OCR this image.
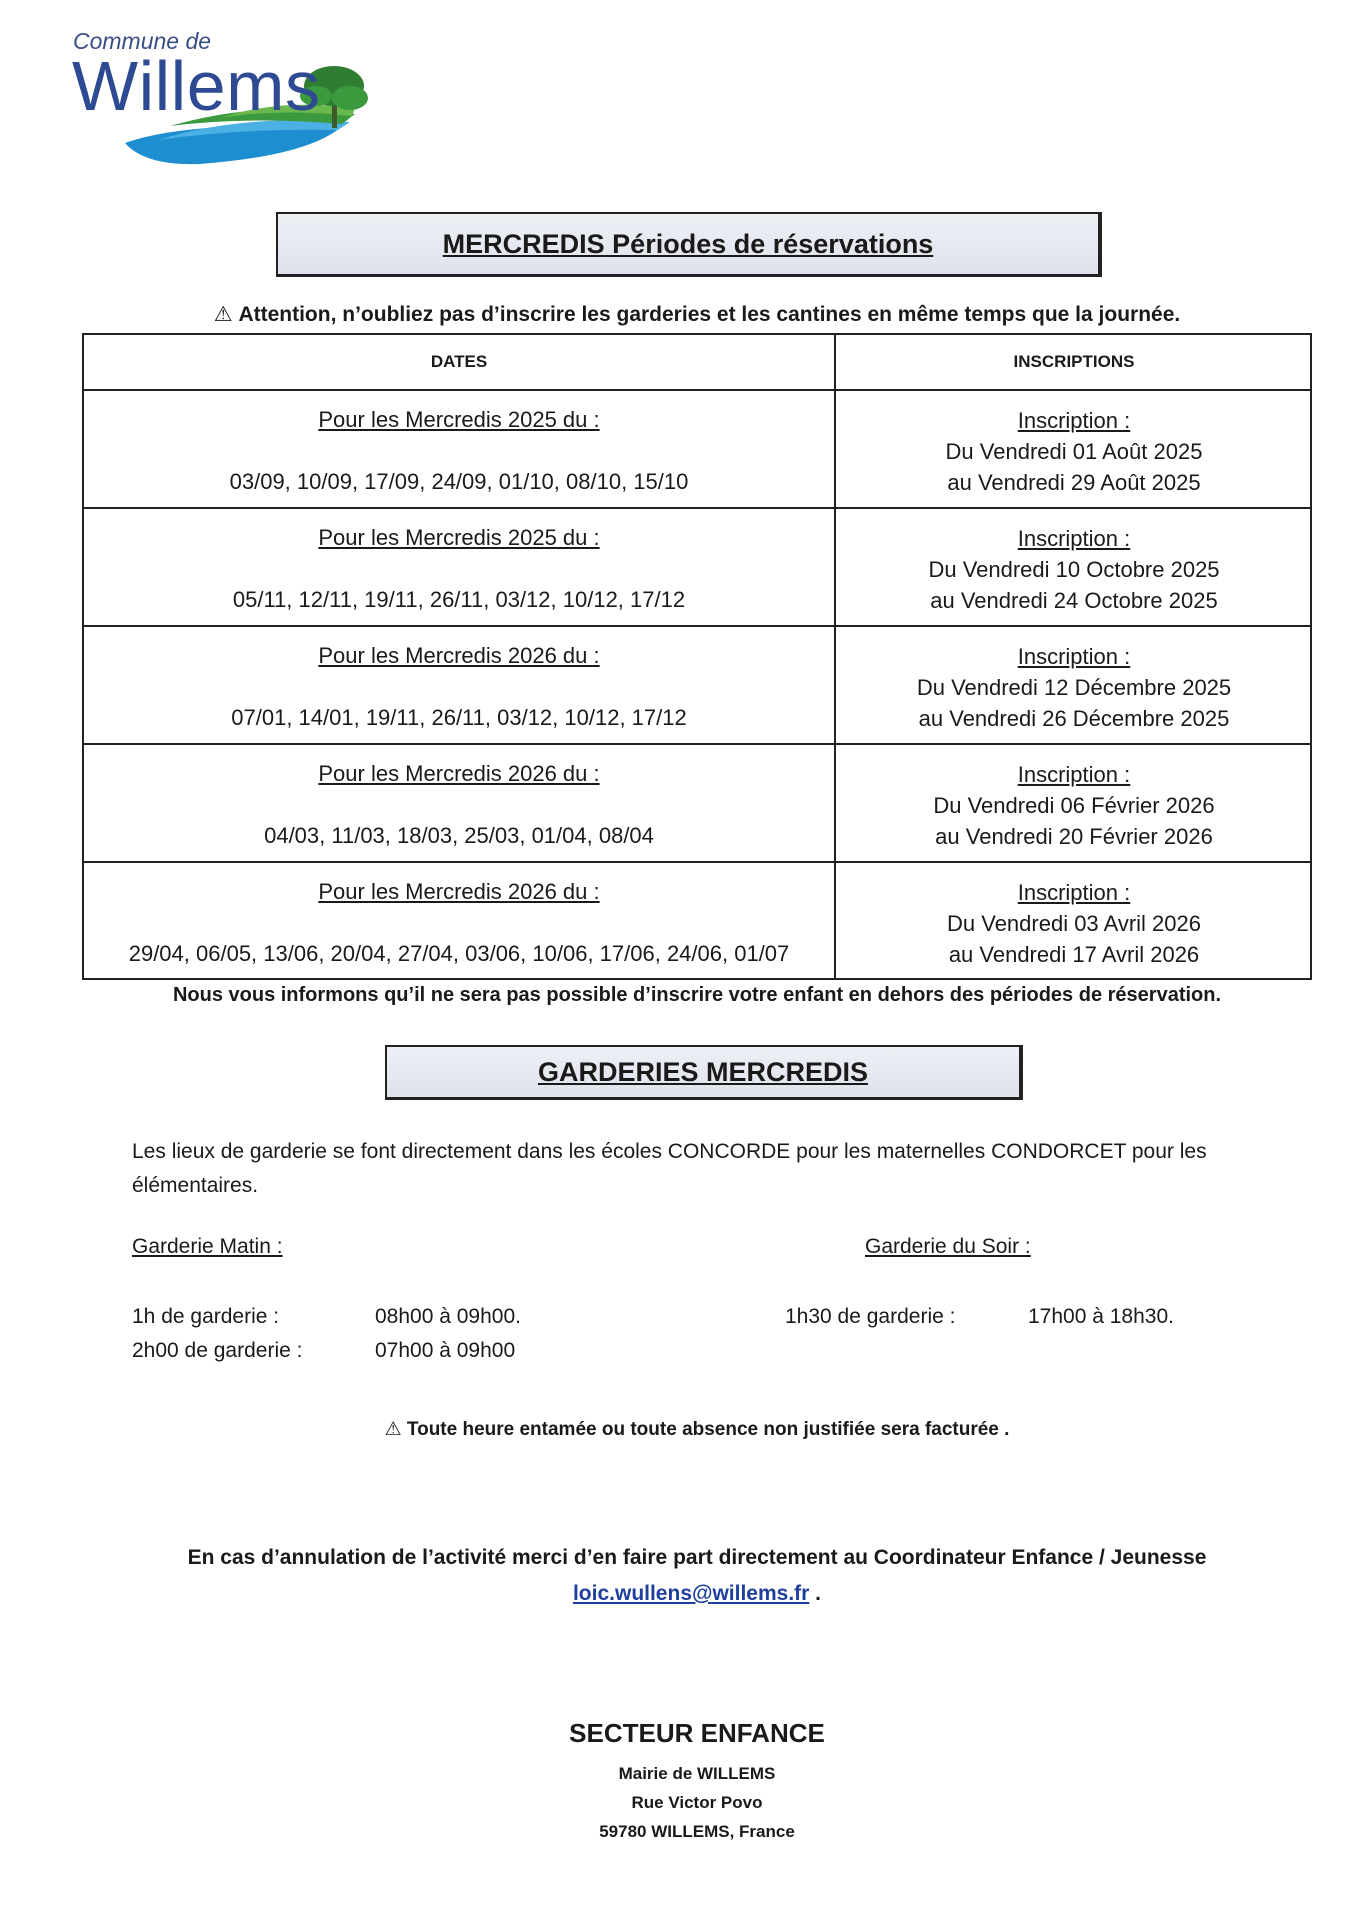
Commune de
Willems
MERCREDIS Périodes de réservations
⚠ Attention, n’oubliez pas d’inscrire les garderies et les cantines en même temps que la journée.
DATES	INSCRIPTIONS
Pour les Mercredis 2025 du :
03/09, 10/09, 17/09, 24/09, 01/10, 08/10, 15/10
Inscription :
Du Vendredi 01 Août 2025
au Vendredi 29 Août 2025
Pour les Mercredis 2025 du :
05/11, 12/11, 19/11, 26/11, 03/12, 10/12, 17/12
Inscription :
Du Vendredi 10 Octobre 2025
au Vendredi 24 Octobre 2025
Pour les Mercredis 2026 du :
07/01, 14/01, 19/11, 26/11, 03/12, 10/12, 17/12
Inscription :
Du Vendredi 12 Décembre 2025
au Vendredi 26 Décembre 2025
Pour les Mercredis 2026 du :
04/03, 11/03, 18/03, 25/03, 01/04, 08/04
Inscription :
Du Vendredi 06 Février 2026
au Vendredi 20 Février 2026
Pour les Mercredis 2026 du :
29/04, 06/05, 13/06, 20/04, 27/04, 03/06, 10/06, 17/06, 24/06, 01/07
Inscription :
Du Vendredi 03 Avril 2026
au Vendredi 17 Avril 2026
Nous vous informons qu’il ne sera pas possible d’inscrire votre enfant en dehors des périodes de réservation.
GARDERIES MERCREDIS
Les lieux de garderie se font directement dans les écoles CONCORDE pour les maternelles CONDORCET pour les élémentaires.
Garderie Matin :	Garderie du Soir :
1h de garderie :	08h00 à 09h00.
2h00 de garderie :	07h00 à 09h00
1h30 de garderie :	17h00 à 18h30.
⚠ Toute heure entamée ou toute absence non justifiée sera facturée .
En cas d’annulation de l’activité merci d’en faire part directement au Coordinateur Enfance / Jeunesse
loic.wullens@willems.fr .
SECTEUR ENFANCE
Mairie de WILLEMS
Rue Victor Povo
59780 WILLEMS, France
